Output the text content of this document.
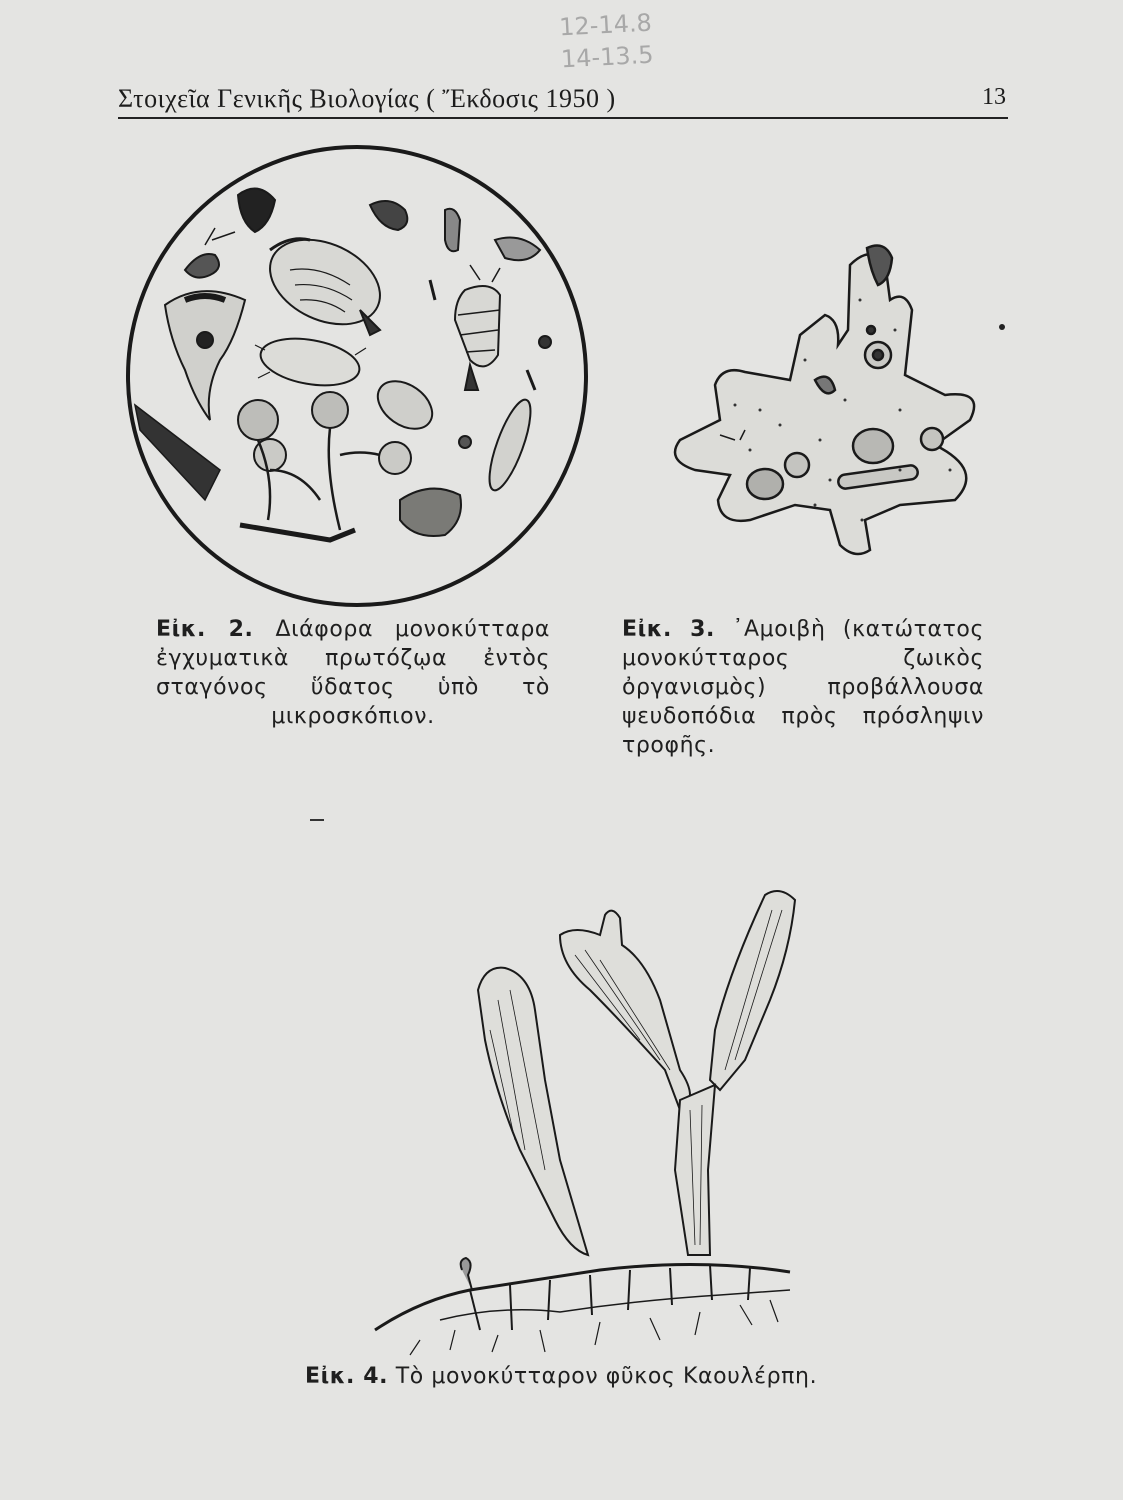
12-14.8 14-13.5
Στοιχεῖα Γενικῆς Βιολογίας ( Ἔκδοσις 1950 )	13
Εἰκ. 2. Διάφορα μονοκύτταρα ἐγχυματικὰ πρωτόζῳα ἐντὸς σταγόνος ὕδατος ὑπὸ τὸ μικροσκόπιον.
Εἰκ. 3. ᾿Αμοιβὴ (κατώτατος μονοκύτταρος ζωικὸς ὀργανισμὸς) προβάλλουσα ψευδοπόδια πρὸς πρόσληψιν τροφῆς.
Εἰκ. 4. Τὸ μονοκύτταρον φῦκος Καουλέρπη.
